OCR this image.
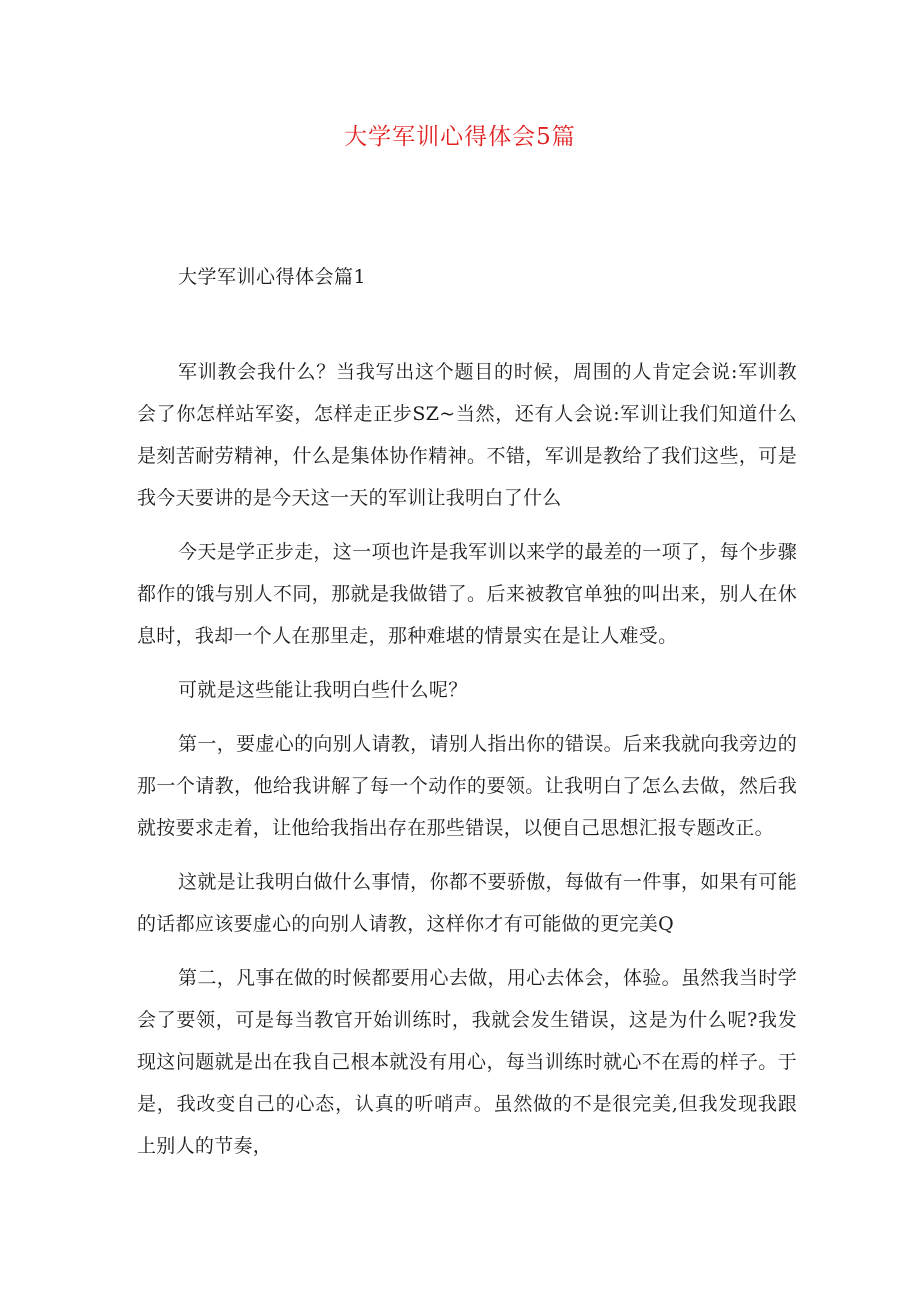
大学军训心得体会5篇
大学军训心得体会篇1

军训教会我什么？当我写出这个题目的时候，周围的人肯定会说:军训教会了你怎样站军姿，怎样走正步SZ~当然，还有人会说:军训让我们知道什么是刻苦耐劳精神，什么是集体协作精神。不错，军训是教给了我们这些，可是我今天要讲的是今天这一天的军训让我明白了什么

今天是学正步走，这一项也许是我军训以来学的最差的一项了，每个步骤都作的饿与别人不同，那就是我做错了。后来被教官单独的叫出来，别人在休息时，我却一个人在那里走，那种难堪的情景实在是让人难受。

可就是这些能让我明白些什么呢？

第一，要虚心的向别人请教，请别人指出你的错误。后来我就向我旁边的那一个请教，他给我讲解了每一个动作的要领。让我明白了怎么去做，然后我就按要求走着，让他给我指出存在那些错误，以便自己思想汇报专题改正。

这就是让我明白做什么事情，你都不要骄傲，每做有一件事，如果有可能的话都应该要虚心的向别人请教，这样你才有可能做的更完美Q

第二，凡事在做的时候都要用心去做，用心去体会，体验。虽然我当时学会了要领，可是每当教官开始训练时，我就会发生错误，这是为什么呢?我发现这问题就是出在我自己根本就没有用心，每当训练时就心不在焉的样子。于是，我改变自己的心态，认真的听哨声。虽然做的不是很完美,但我发现我跟上别人的节奏，
